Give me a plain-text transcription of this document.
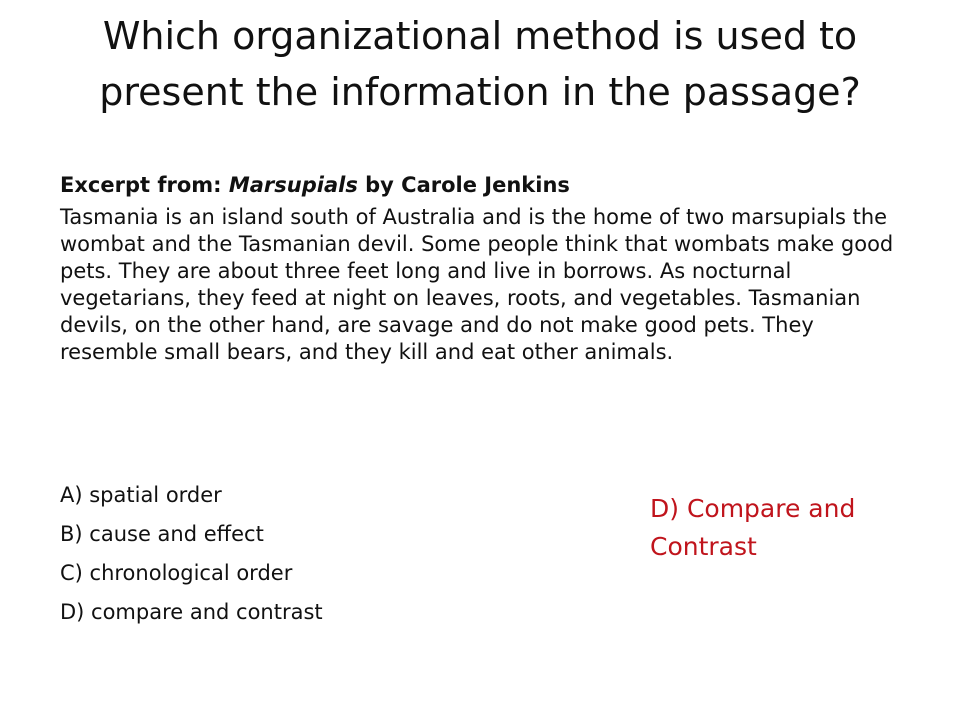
Which organizational method is used to present the information in the passage?

Excerpt from: Marsupials by Carole Jenkins

Tasmania is an island south of Australia and is the home of two marsupials the wombat and the Tasmanian devil. Some people think that wombats make good pets. They are about three feet long and live in borrows. As nocturnal vegetarians, they feed at night on leaves, roots, and vegetables. Tasmanian devils, on the other hand, are savage and do not make good pets. They resemble small bears, and they kill and eat other animals.

A) spatial order
B) cause and effect
C) chronological order
D) compare and contrast

D) Compare and Contrast
